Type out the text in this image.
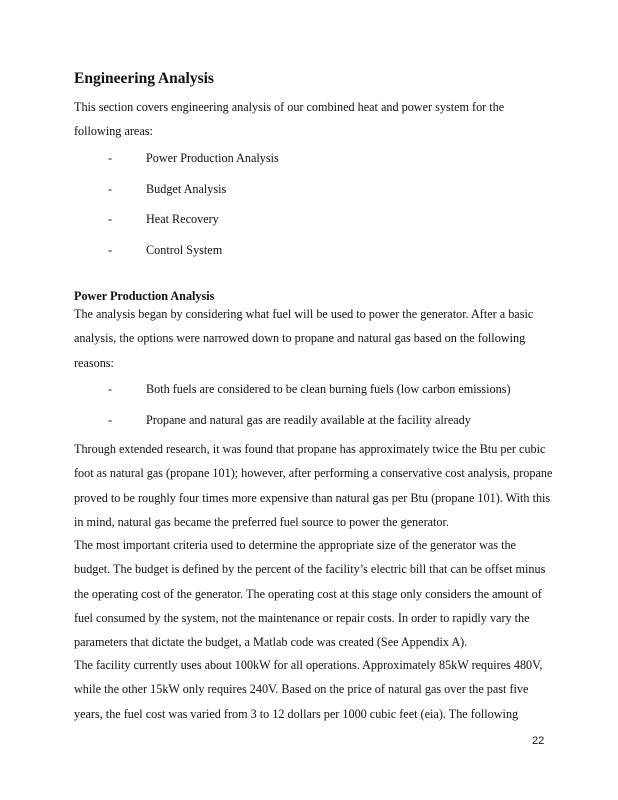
Engineering Analysis

This section covers engineering analysis of our combined heat and power system for the following areas:

-	Power Production Analysis
-	Budget Analysis
-	Heat Recovery
-	Control System
Power Production Analysis

The analysis began by considering what fuel will be used to power the generator. After a basic analysis, the options were narrowed down to propane and natural gas based on the following reasons:

-	Both fuels are considered to be clean burning fuels (low carbon emissions)
-	Propane and natural gas are readily available at the facility already

Through extended research, it was found that propane has approximately twice the Btu per cubic foot as natural gas (propane 101); however, after performing a conservative cost analysis, propane proved to be roughly four times more expensive than natural gas per Btu (propane 101). With this in mind, natural gas became the preferred fuel source to power the generator.

The most important criteria used to determine the appropriate size of the generator was the budget. The budget is defined by the percent of the facility’s electric bill that can be offset minus the operating cost of the generator. The operating cost at this stage only considers the amount of fuel consumed by the system, not the maintenance or repair costs. In order to rapidly vary the parameters that dictate the budget, a Matlab code was created (See Appendix A).

The facility currently uses about 100kW for all operations. Approximately 85kW requires 480V, while the other 15kW only requires 240V. Based on the price of natural gas over the past five years, the fuel cost was varied from 3 to 12 dollars per 1000 cubic feet (eia). The following

22
